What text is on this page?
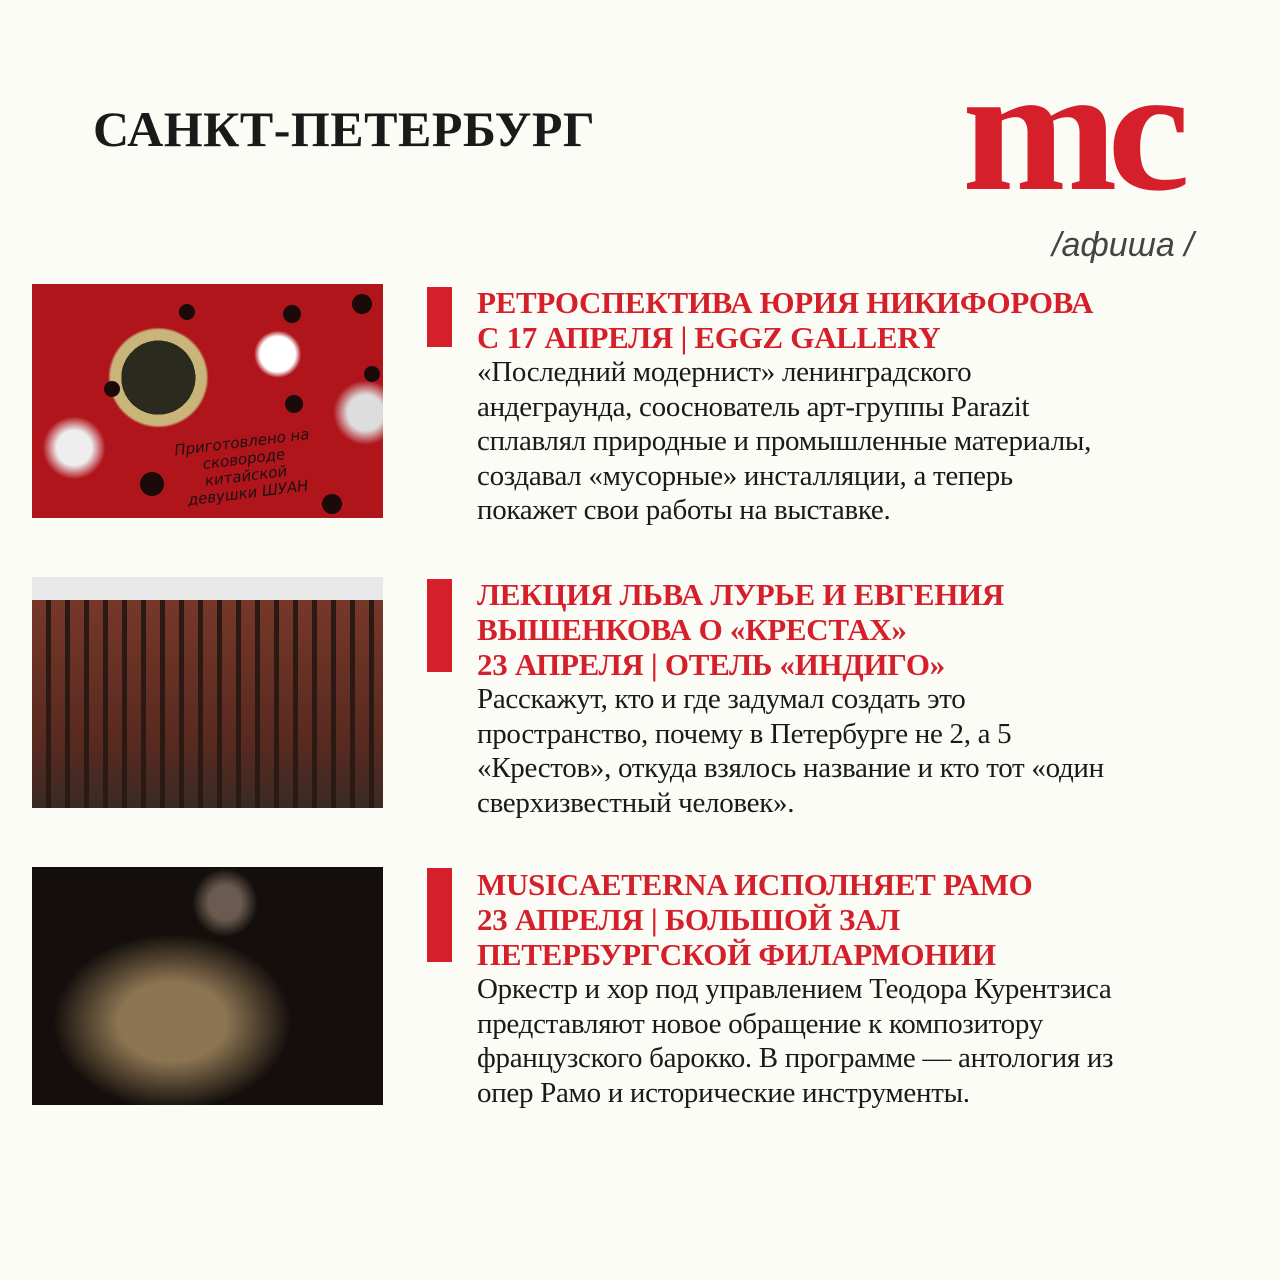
САНКТ-ПЕТЕРБУРГ mc
/афиша /
Приготовлено на сковороде китайской девушки ШУАН
РЕТРОСПЕКТИВА ЮРИЯ НИКИФОРОВА
С 17 АПРЕЛЯ | EGGZ GALLERY
«Последний модернист» ленинградского
андеграунда, сооснователь арт-группы Parazit
сплавлял природные и промышленные материалы,
создавал «мусорные» инсталляции, а теперь
покажет свои работы на выставке.
ЛЕКЦИЯ ЛЬВА ЛУРЬЕ И ЕВГЕНИЯ
ВЫШЕНКОВА О «КРЕСТАХ»
23 АПРЕЛЯ | ОТЕЛЬ «ИНДИГО»
Расскажут, кто и где задумал создать это
пространство, почему в Петербурге не 2, а 5
«Крестов», откуда взялось название и кто тот «один
сверхизвестный человек».
MUSICAETERNA ИСПОЛНЯЕТ РАМО
23 АПРЕЛЯ | БОЛЬШОЙ ЗАЛ
ПЕТЕРБУРГСКОЙ ФИЛАРМОНИИ
Оркестр и хор под управлением Теодора Курентзиса
представляют новое обращение к композитору
французского барокко. В программе — антология из
опер Рамо и исторические инструменты.
